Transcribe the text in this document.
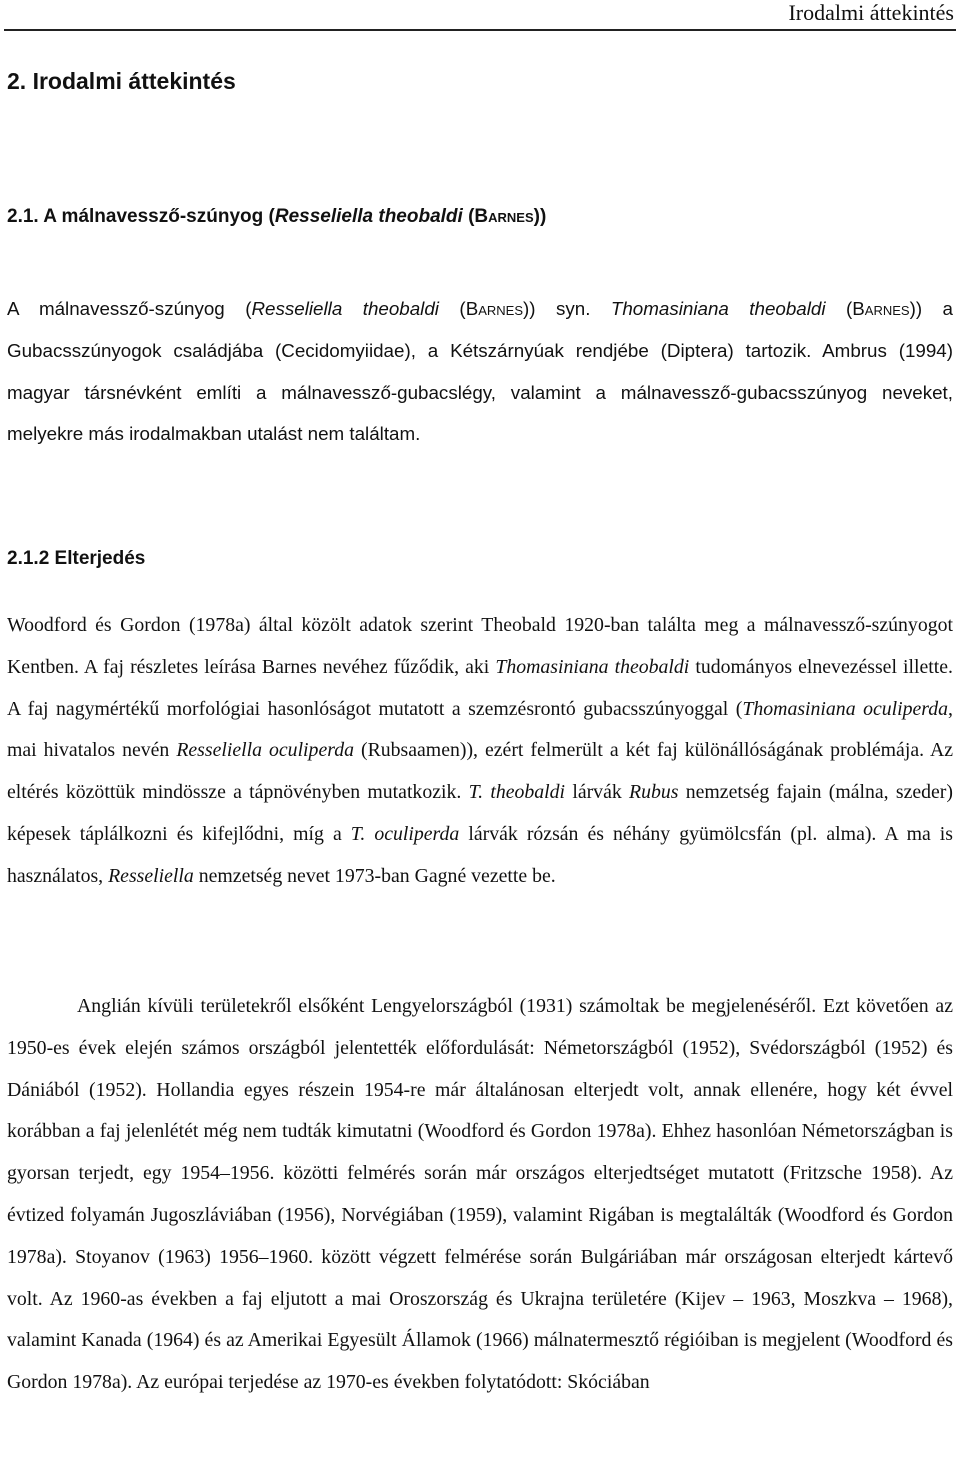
Irodalmi áttekintés
2. Irodalmi áttekintés
2.1. A málnavessző-szúnyog (Resseliella theobaldi (Barnes))

A málnavessző-szúnyog (Resseliella theobaldi (Barnes)) syn. Thomasiniana theobaldi (Barnes)) a Gubacsszúnyogok családjába (Cecidomyiidae), a Kétszárnyúak rendjébe (Diptera) tartozik. Ambrus (1994) magyar társnévként említi a málnavessző-gubacslégy, valamint a málnavessző-gubacsszúnyog neveket, melyekre más irodalmakban utalást nem találtam.

2.1.2 Elterjedés

Woodford és Gordon (1978a) által közölt adatok szerint Theobald 1920-ban találta meg a málnavessző-szúnyogot Kentben. A faj részletes leírása Barnes nevéhez fűződik, aki Thomasiniana theobaldi tudományos elnevezéssel illette. A faj nagymértékű morfológiai hasonlóságot mutatott a szemzésrontó gubacsszúnyoggal (Thomasiniana oculiperda, mai hivatalos nevén Resseliella oculiperda (Rubsaamen)), ezért felmerült a két faj különállóságának problémája. Az eltérés közöttük mindössze a tápnövényben mutatkozik. T. theobaldi lárvák Rubus nemzetség fajain (málna, szeder) képesek táplálkozni és kifejlődni, míg a T. oculiperda lárvák rózsán és néhány gyümölcsfán (pl. alma). A ma is használatos, Resseliella nemzetség nevet 1973-ban Gagné vezette be.

Anglián kívüli területekről elsőként Lengyelországból (1931) számoltak be megjelenéséről. Ezt követően az 1950-es évek elején számos országból jelentették előfordulását: Németországból (1952), Svédországból (1952) és Dániából (1952). Hollandia egyes részein 1954-re már általánosan elterjedt volt, annak ellenére, hogy két évvel korábban a faj jelenlétét még nem tudták kimutatni (Woodford és Gordon 1978a). Ehhez hasonlóan Németországban is gyorsan terjedt, egy 1954–1956. közötti felmérés során már országos elterjedtséget mutatott (Fritzsche 1958). Az évtized folyamán Jugoszláviában (1956), Norvégiában (1959), valamint Rigában is megtalálták (Woodford és Gordon 1978a). Stoyanov (1963) 1956–1960. között végzett felmérése során Bulgáriában már országosan elterjedt kártevő volt. Az 1960-as években a faj eljutott a mai Oroszország és Ukrajna területére (Kijev – 1963, Moszkva – 1968), valamint Kanada (1964) és az Amerikai Egyesült Államok (1966) málnatermesztő régióiban is megjelent (Woodford és Gordon 1978a). Az európai terjedése az 1970-es években folytatódott: Skóciában
